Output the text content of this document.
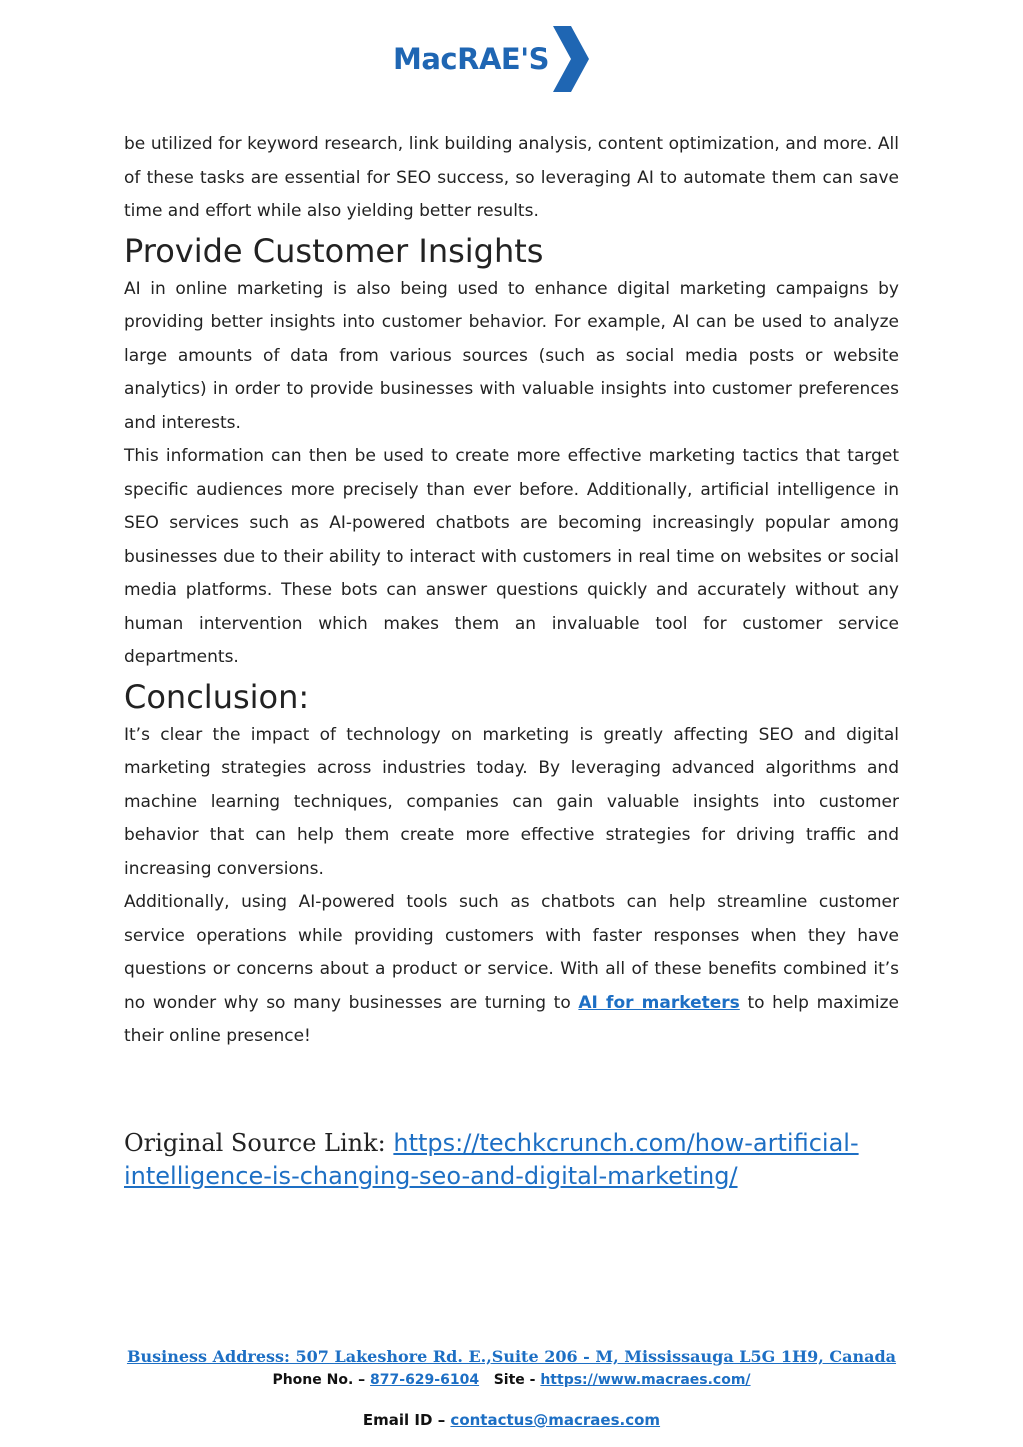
MacRAE'S

be utilized for keyword research, link building analysis, content optimization, and more. All of these tasks are essential for SEO success, so leveraging AI to automate them can save time and effort while also yielding better results.

Provide Customer Insights

AI in online marketing is also being used to enhance digital marketing campaigns by providing better insights into customer behavior. For example, AI can be used to analyze large amounts of data from various sources (such as social media posts or website analytics) in order to provide businesses with valuable insights into customer preferences and interests.

This information can then be used to create more effective marketing tactics that target specific audiences more precisely than ever before. Additionally, artificial intelligence in SEO services such as AI-powered chatbots are becoming increasingly popular among businesses due to their ability to interact with customers in real time on websites or social media platforms. These bots can answer questions quickly and accurately without any human intervention which makes them an invaluable tool for customer service departments.

Conclusion:

It’s clear the impact of technology on marketing is greatly affecting SEO and digital marketing strategies across industries today. By leveraging advanced algorithms and machine learning techniques, companies can gain valuable insights into customer behavior that can help them create more effective strategies for driving traffic and increasing conversions.

Additionally, using AI-powered tools such as chatbots can help streamline customer service operations while providing customers with faster responses when they have questions or concerns about a product or service. With all of these benefits combined it’s no wonder why so many businesses are turning to AI for marketers to help maximize their online presence!

Original Source Link: https://techkcrunch.com/how-artificial-intelligence-is-changing-seo-and-digital-marketing/
Business Address: 507 Lakeshore Rd. E.,Suite 206 - M, Mississauga L5G 1H9, Canada
Phone No. – 877-629-6104 Site - https://www.macraes.com/
Email ID – contactus@macraes.com
